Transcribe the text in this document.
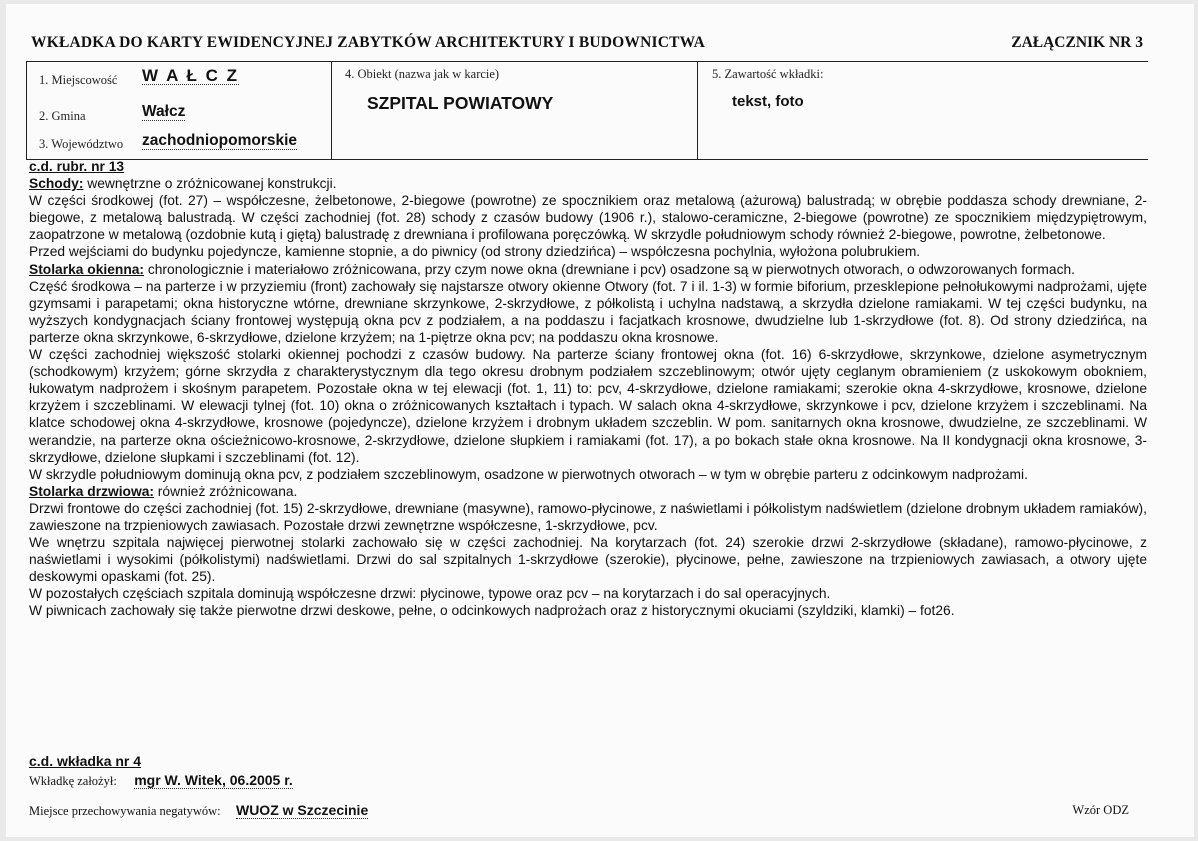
WKŁADKA DO KARTY EWIDENCYJNEJ ZABYTKÓW ARCHITEKTURY I BUDOWNICTWA	ZAŁĄCZNIK NR 3
1. Miejscowość W A Ł C Z
2. Gmina	Wałcz
3. Województwo zachodniopomorskie
4. Obiekt (nazwa jak w karcie)
SZPITAL POWIATOWY
5. Zawartość wkładki:
tekst, foto

c.d. rubr. nr 13

Schody: wewnętrzne o zróżnicowanej konstrukcji.

W części środkowej (fot. 27) – współczesne, żelbetonowe, 2-biegowe (powrotne) ze spocznikiem oraz metalową (ażurową) balustradą; w obrębie poddasza schody drewniane, 2-biegowe, z metalową balustradą. W części zachodniej (fot. 28) schody z czasów budowy (1906 r.), stalowo-ceramiczne, 2-biegowe (powrotne) ze spocznikiem międzypiętrowym, zaopatrzone w metalową (ozdobnie kutą i giętą) balustradę z drewniana i profilowana poręczówką. W skrzydle południowym schody również 2-biegowe, powrotne, żelbetonowe.

Przed wejściami do budynku pojedyncze, kamienne stopnie, a do piwnicy (od strony dziedzińca) – współczesna pochylnia, wyłożona polubrukiem.

Stolarka okienna: chronologicznie i materiałowo zróżnicowana, przy czym nowe okna (drewniane i pcv) osadzone są w pierwotnych otworach, o odwzorowanych formach.

Część środkowa – na parterze i w przyziemiu (front) zachowały się najstarsze otwory okienne Otwory (fot. 7 i il. 1-3) w formie biforium, przesklepione pełnołukowymi nadprożami, ujęte gzymsami i parapetami; okna historyczne wtórne, drewniane skrzynkowe, 2-skrzydłowe, z półkolistą i uchylna nadstawą, a skrzydła dzielone ramiakami. W tej części budynku, na wyższych kondygnacjach ściany frontowej występują okna pcv z podziałem, a na poddaszu i facjatkach krosnowe, dwudzielne lub 1-skrzydłowe (fot. 8). Od strony dziedzińca, na parterze okna skrzynkowe, 6-skrzydłowe, dzielone krzyżem; na 1-piętrze okna pcv; na poddaszu okna krosnowe.

W części zachodniej większość stolarki okiennej pochodzi z czasów budowy. Na parterze ściany frontowej okna (fot. 16) 6-skrzydłowe, skrzynkowe, dzielone asymetrycznym (schodkowym) krzyżem; górne skrzydła z charakterystycznym dla tego okresu drobnym podziałem szczeblinowym; otwór ujęty ceglanym obramieniem (z uskokowym obokniem, łukowatym nadprożem i skośnym parapetem. Pozostałe okna w tej elewacji (fot. 1, 11) to: pcv, 4-skrzydłowe, dzielone ramiakami; szerokie okna 4-skrzydłowe, krosnowe, dzielone krzyżem i szczeblinami. W elewacji tylnej (fot. 10) okna o zróżnicowanych kształtach i typach. W salach okna 4-skrzydłowe, skrzynkowe i pcv, dzielone krzyżem i szczeblinami. Na klatce schodowej okna 4-skrzydłowe, krosnowe (pojedyncze), dzielone krzyżem i drobnym układem szczeblin. W pom. sanitarnych okna krosnowe, dwudzielne, ze szczeblinami. W werandzie, na parterze okna ościeżnicowo-krosnowe, 2-skrzydłowe, dzielone słupkiem i ramiakami (fot. 17), a po bokach stałe okna krosnowe. Na II kondygnacji okna krosnowe, 3-skrzydłowe, dzielone słupkami i szczeblinami (fot. 12).

W skrzydle południowym dominują okna pcv, z podziałem szczeblinowym, osadzone w pierwotnych otworach – w tym w obrębie parteru z odcinkowym nadprożami.

Stolarka drzwiowa: również zróżnicowana.

Drzwi frontowe do części zachodniej (fot. 15) 2-skrzydłowe, drewniane (masywne), ramowo-płycinowe, z naświetlami i półkolistym nadświetlem (dzielone drobnym układem ramiaków), zawieszone na trzpieniowych zawiasach. Pozostałe drzwi zewnętrzne współczesne, 1-skrzydłowe, pcv.

We wnętrzu szpitala najwięcej pierwotnej stolarki zachowało się w części zachodniej. Na korytarzach (fot. 24) szerokie drzwi 2-skrzydłowe (składane), ramowo-płycinowe, z naświetlami i wysokimi (półkolistymi) nadświetlami. Drzwi do sal szpitalnych 1-skrzydłowe (szerokie), płycinowe, pełne, zawieszone na trzpieniowych zawiasach, a otwory ujęte deskowymi opaskami (fot. 25).

W pozostałych częściach szpitala dominują współczesne drzwi: płycinowe, typowe oraz pcv – na korytarzach i do sal operacyjnych.

W piwnicach zachowały się także pierwotne drzwi deskowe, pełne, o odcinkowych nadprożach oraz z historycznymi okuciami (szyldziki, klamki) – fot26.

c.d. wkładka nr 4
Wkładkę założył: mgr W. Witek, 06.2005 r.
Miejsce przechowywania negatywów: WUOZ w Szczecinie	Wzór ODZ
